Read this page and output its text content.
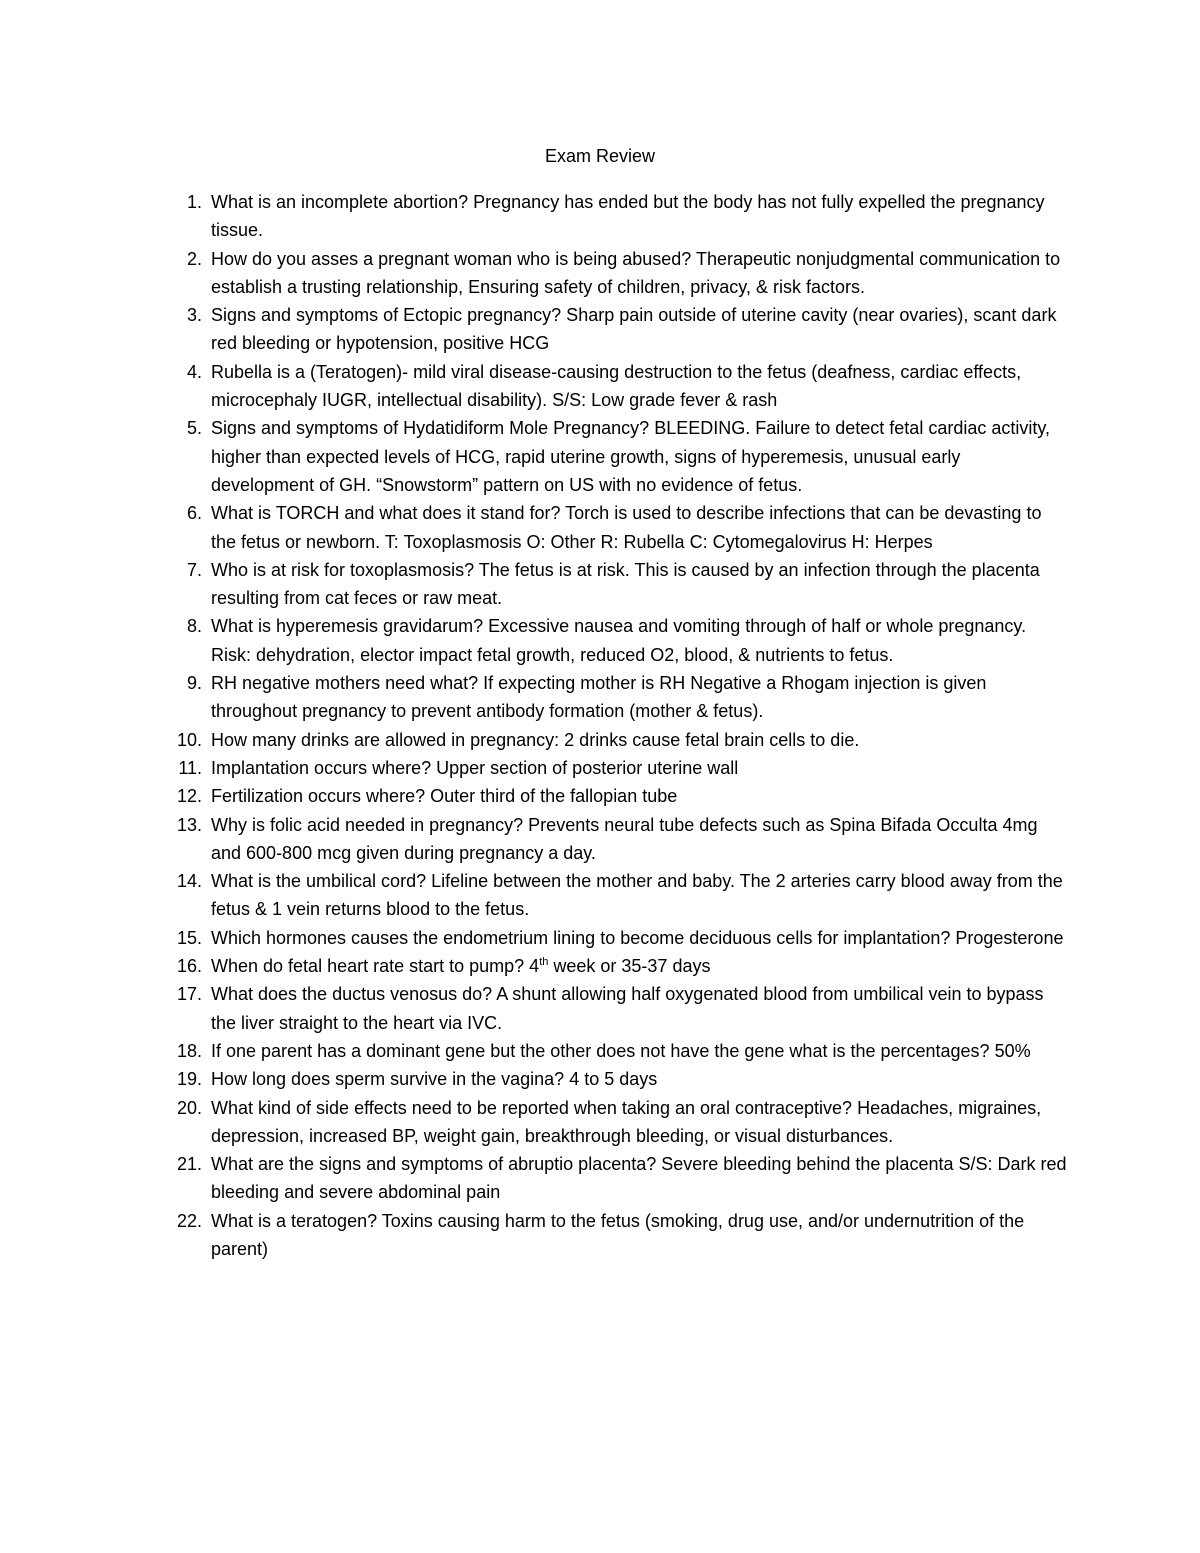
Exam Review
1. What is an incomplete abortion? Pregnancy has ended but the body has not fully expelled the pregnancy tissue.
2. How do you asses a pregnant woman who is being abused? Therapeutic nonjudgmental communication to establish a trusting relationship, Ensuring safety of children, privacy, & risk factors.
3. Signs and symptoms of Ectopic pregnancy? Sharp pain outside of uterine cavity (near ovaries), scant dark red bleeding or hypotension, positive HCG
4. Rubella is a (Teratogen)- mild viral disease-causing destruction to the fetus (deafness, cardiac effects, microcephaly IUGR, intellectual disability). S/S: Low grade fever & rash
5. Signs and symptoms of Hydatidiform Mole Pregnancy? BLEEDING. Failure to detect fetal cardiac activity, higher than expected levels of HCG, rapid uterine growth, signs of hyperemesis, unusual early development of GH. “Snowstorm” pattern on US with no evidence of fetus.
6. What is TORCH and what does it stand for? Torch is used to describe infections that can be devasting to the fetus or newborn. T: Toxoplasmosis O: Other R: Rubella C: Cytomegalovirus H: Herpes
7. Who is at risk for toxoplasmosis? The fetus is at risk. This is caused by an infection through the placenta resulting from cat feces or raw meat.
8. What is hyperemesis gravidarum? Excessive nausea and vomiting through of half or whole pregnancy. Risk: dehydration, elector impact fetal growth, reduced O2, blood, & nutrients to fetus.
9. RH negative mothers need what? If expecting mother is RH Negative a Rhogam injection is given throughout pregnancy to prevent antibody formation (mother & fetus).
10. How many drinks are allowed in pregnancy: 2 drinks cause fetal brain cells to die.
11. Implantation occurs where? Upper section of posterior uterine wall
12. Fertilization occurs where? Outer third of the fallopian tube
13. Why is folic acid needed in pregnancy? Prevents neural tube defects such as Spina Bifada Occulta 4mg and 600-800 mcg given during pregnancy a day.
14. What is the umbilical cord? Lifeline between the mother and baby. The 2 arteries carry blood away from the fetus & 1 vein returns blood to the fetus.
15. Which hormones causes the endometrium lining to become deciduous cells for implantation? Progesterone
16. When do fetal heart rate start to pump? 4th week or 35-37 days
17. What does the ductus venosus do? A shunt allowing half oxygenated blood from umbilical vein to bypass the liver straight to the heart via IVC.
18. If one parent has a dominant gene but the other does not have the gene what is the percentages? 50%
19. How long does sperm survive in the vagina? 4 to 5 days
20. What kind of side effects need to be reported when taking an oral contraceptive? Headaches, migraines, depression, increased BP, weight gain, breakthrough bleeding, or visual disturbances.
21. What are the signs and symptoms of abruptio placenta? Severe bleeding behind the placenta S/S: Dark red bleeding and severe abdominal pain
22. What is a teratogen? Toxins causing harm to the fetus (smoking, drug use, and/or undernutrition of the parent)
